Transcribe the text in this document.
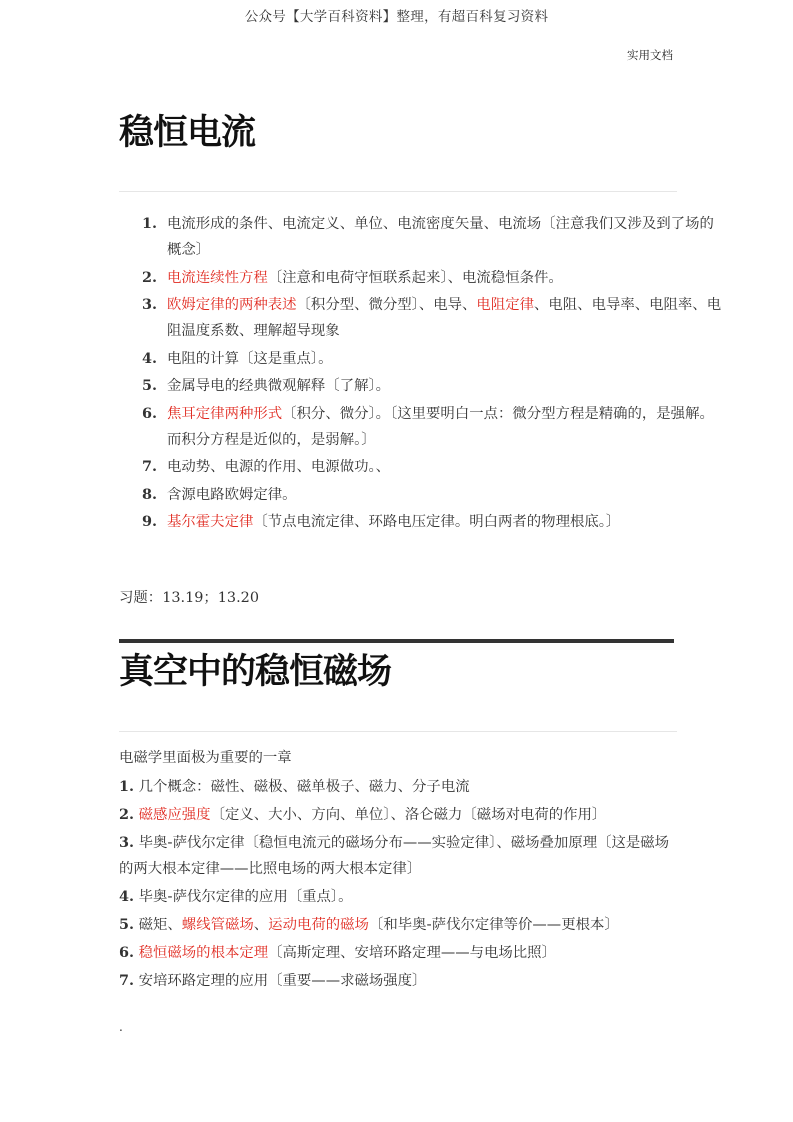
公众号【大学百科资料】整理，有超百科复习资料
实用文档
稳恒电流
1. 电流形成的条件、电流定义、单位、电流密度矢量、电流场〔注意我们又涉及到了场的概念〕
2. 电流连续性方程〔注意和电荷守恒联系起来〕、电流稳恒条件。
3. 欧姆定律的两种表述〔积分型、微分型〕、电导、电阻定律、电阻、电导率、电阻率、电阻温度系数、理解超导现象
4. 电阻的计算〔这是重点〕。
5. 金属导电的经典微观解释〔了解〕。
6. 焦耳定律两种形式〔积分、微分〕。〔这里要明白一点：微分型方程是精确的，是强解。而积分方程是近似的，是弱解。〕
7. 电动势、电源的作用、电源做功。、
8. 含源电路欧姆定律。
9. 基尔霍夫定律〔节点电流定律、环路电压定律。明白两者的物理根底。〕
习题：13.19；13.20
真空中的稳恒磁场
电磁学里面极为重要的一章
1. 几个概念：磁性、磁极、磁单极子、磁力、分子电流
2. 磁感应强度〔定义、大小、方向、单位〕、洛仑磁力〔磁场对电荷的作用〕
3. 毕奥-萨伐尔定律〔稳恒电流元的磁场分布——实验定律〕、磁场叠加原理〔这是磁场的两大根本定律——比照电场的两大根本定律〕
4. 毕奥-萨伐尔定律的应用〔重点〕。
5. 磁矩、螺线管磁场、运动电荷的磁场〔和毕奥-萨伐尔定律等价——更根本〕
6. 稳恒磁场的根本定理〔高斯定理、安培环路定理——与电场比照〕
7. 安培环路定理的应用〔重要——求磁场强度〕
.
